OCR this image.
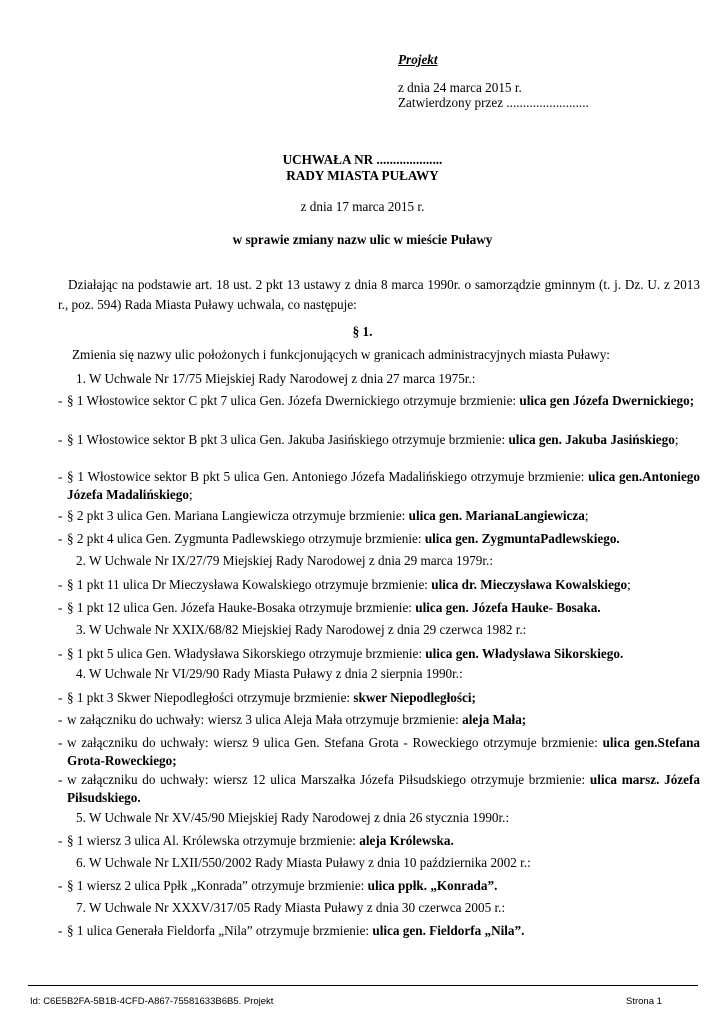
Projekt
z dnia 24 marca 2015 r.
Zatwierdzony przez .........................
UCHWAŁA NR ....................
RADY MIASTA PUŁAWY
z dnia 17 marca 2015 r.
w sprawie zmiany nazw ulic w mieście Puławy
Działając na podstawie art. 18 ust. 2 pkt 13 ustawy z dnia 8 marca 1990r. o samorządzie gminnym (t. j. Dz. U. z 2013 r., poz. 594) Rada Miasta Puławy uchwala, co następuje:
§ 1.
Zmienia się nazwy ulic położonych i funkcjonujących w granicach administracyjnych miasta Puławy:
1. W Uchwale Nr 17/75 Miejskiej Rady Narodowej z dnia 27 marca 1975r.:
- § 1 Włostowice sektor C pkt 7 ulica Gen. Józefa Dwernickiego otrzymuje brzmienie: ulica gen Józefa Dwernickiego;
- § 1 Włostowice sektor B pkt 3 ulica Gen. Jakuba Jasińskiego otrzymuje brzmienie: ulica gen. Jakuba Jasińskiego;
- § 1 Włostowice sektor B pkt 5 ulica Gen. Antoniego Józefa Madalińskiego otrzymuje brzmienie: ulica gen.Antoniego Józefa Madalińskiego;
- § 2 pkt 3 ulica Gen. Mariana Langiewicza otrzymuje brzmienie: ulica gen. MarianaLangiewicza;
- § 2 pkt 4 ulica Gen. Zygmunta Padlewskiego otrzymuje brzmienie: ulica gen. ZygmuntaPadlewskiego.
2. W Uchwale Nr IX/27/79 Miejskiej Rady Narodowej z dnia 29 marca 1979r.:
- § 1 pkt 11 ulica Dr Mieczysława Kowalskiego otrzymuje brzmienie: ulica dr. Mieczysława Kowalskiego;
- § 1 pkt 12 ulica Gen. Józefa Hauke-Bosaka otrzymuje brzmienie: ulica gen. Józefa Hauke- Bosaka.
3. W Uchwale Nr XXIX/68/82 Miejskiej Rady Narodowej z dnia 29 czerwca 1982 r.:
- § 1 pkt 5 ulica Gen. Władysława Sikorskiego otrzymuje brzmienie: ulica gen. Władysława Sikorskiego.
4. W Uchwale Nr VI/29/90 Rady Miasta Puławy z dnia 2 sierpnia 1990r.:
- § 1 pkt 3 Skwer Niepodległości otrzymuje brzmienie: skwer Niepodległości;
- w załączniku do uchwały: wiersz 3 ulica Aleja Mała otrzymuje brzmienie: aleja Mała;
- w załączniku do uchwały: wiersz 9 ulica Gen. Stefana Grota - Roweckiego otrzymuje brzmienie: ulica gen.Stefana Grota-Roweckiego;
- w załączniku do uchwały: wiersz 12 ulica Marszałka Józefa Piłsudskiego otrzymuje brzmienie: ulica marsz. Józefa Piłsudskiego.
5. W Uchwale Nr XV/45/90 Miejskiej Rady Narodowej z dnia 26 stycznia 1990r.:
- § 1 wiersz 3 ulica Al. Królewska otrzymuje brzmienie: aleja Królewska.
6. W Uchwale Nr LXII/550/2002 Rady Miasta Puławy z dnia 10 października 2002 r.:
- § 1 wiersz 2 ulica Ppłk „Konrada” otrzymuje brzmienie: ulica ppłk. „Konrada”.
7. W Uchwale Nr XXXV/317/05 Rady Miasta Puławy z dnia 30 czerwca 2005 r.:
- § 1 ulica Generała Fieldorfa „Nila” otrzymuje brzmienie: ulica gen. Fieldorfa „Nila”.
Id: C6E5B2FA-5B1B-4CFD-A867-75581633B6B5. Projekt	Strona 1
